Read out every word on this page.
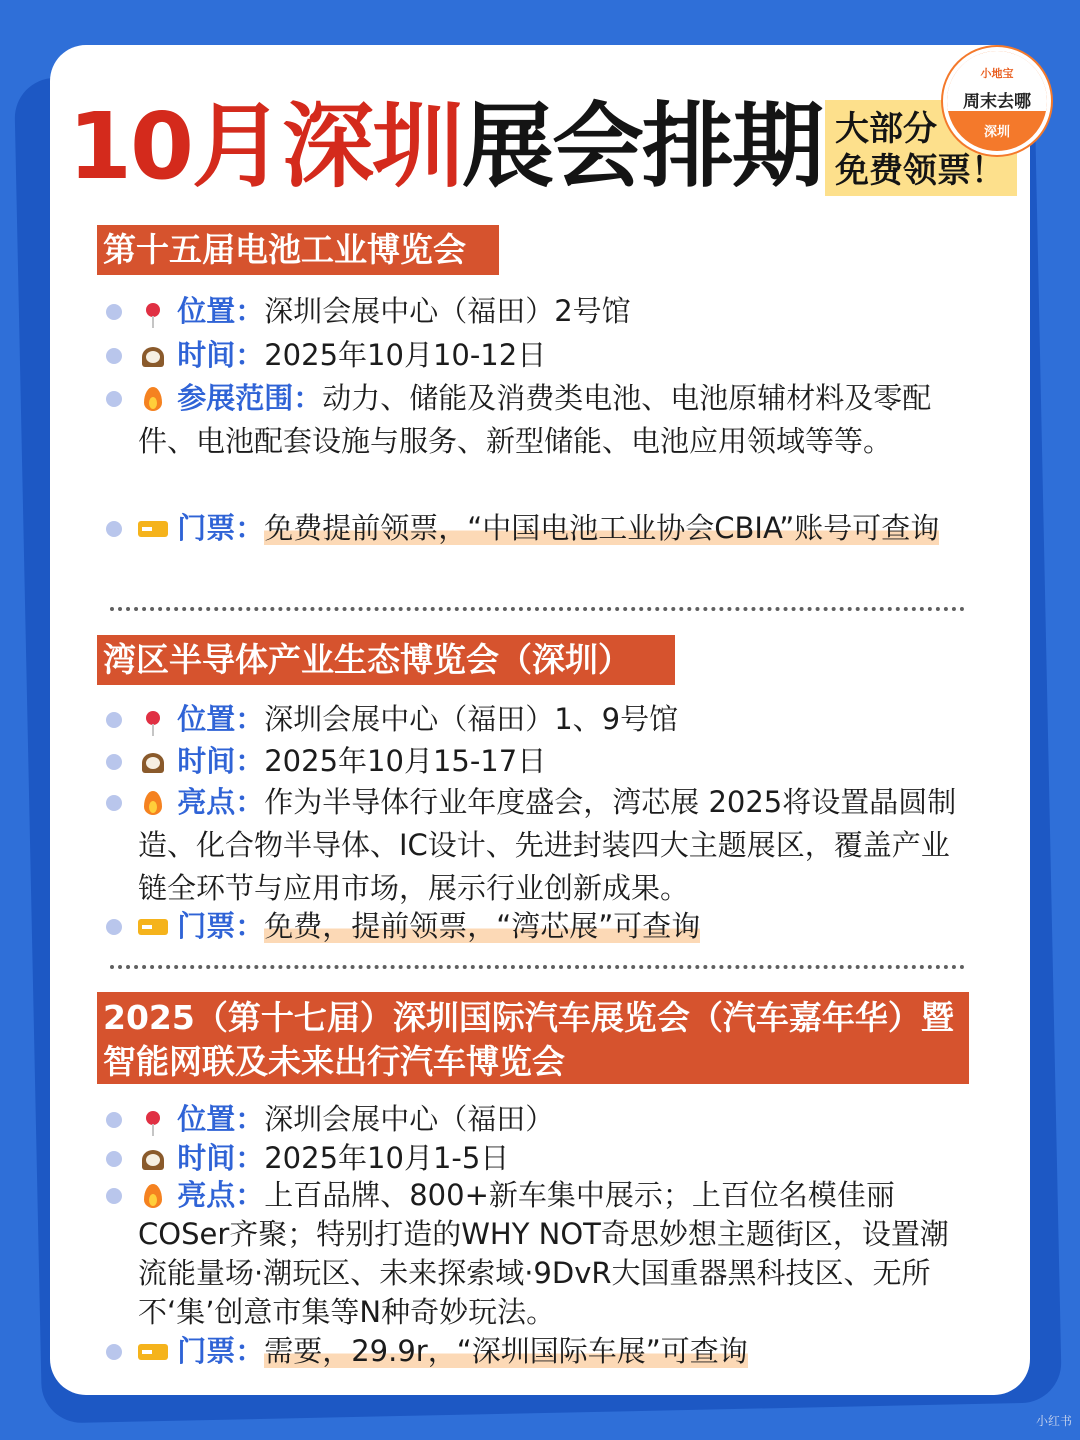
10月深圳展会排期 大部分
免费领票！
小地宝
周末去哪
深圳
第十五届电池工业博览会
位置：深圳会展中心（福田）2号馆
时间：2025年10月10-12日
参展范围：动力、储能及消费类电池、电池原辅材料及零配件、电池配套设施与服务、新型储能、电池应用领域等等。
门票：免费提前领票，“中国电池工业协会CBIA”账号可查询
湾区半导体产业生态博览会（深圳）
位置：深圳会展中心（福田）1、9号馆
时间：2025年10月15-17日
亮点：作为半导体行业年度盛会，湾芯展 2025将设置晶圆制造、化合物半导体、IC设计、先进封装四大主题展区，覆盖产业链全环节与应用市场，展示行业创新成果。
门票：免费，提前领票，“湾芯展”可查询
2025（第十七届）深圳国际汽车展览会（汽车嘉年华）暨智能网联及未来出行汽车博览会
位置：深圳会展中心（福田）
时间：2025年10月1-5日
亮点：上百品牌、800+新车集中展示；上百位名模佳丽COSer齐聚；特别打造的WHY NOT奇思妙想主题街区，设置潮流能量场·潮玩区、未来探索域·9DvR大国重器黑科技区、无所不‘集’创意市集等N种奇妙玩法。
门票：需要，29.9r，“深圳国际车展”可查询
小红书
